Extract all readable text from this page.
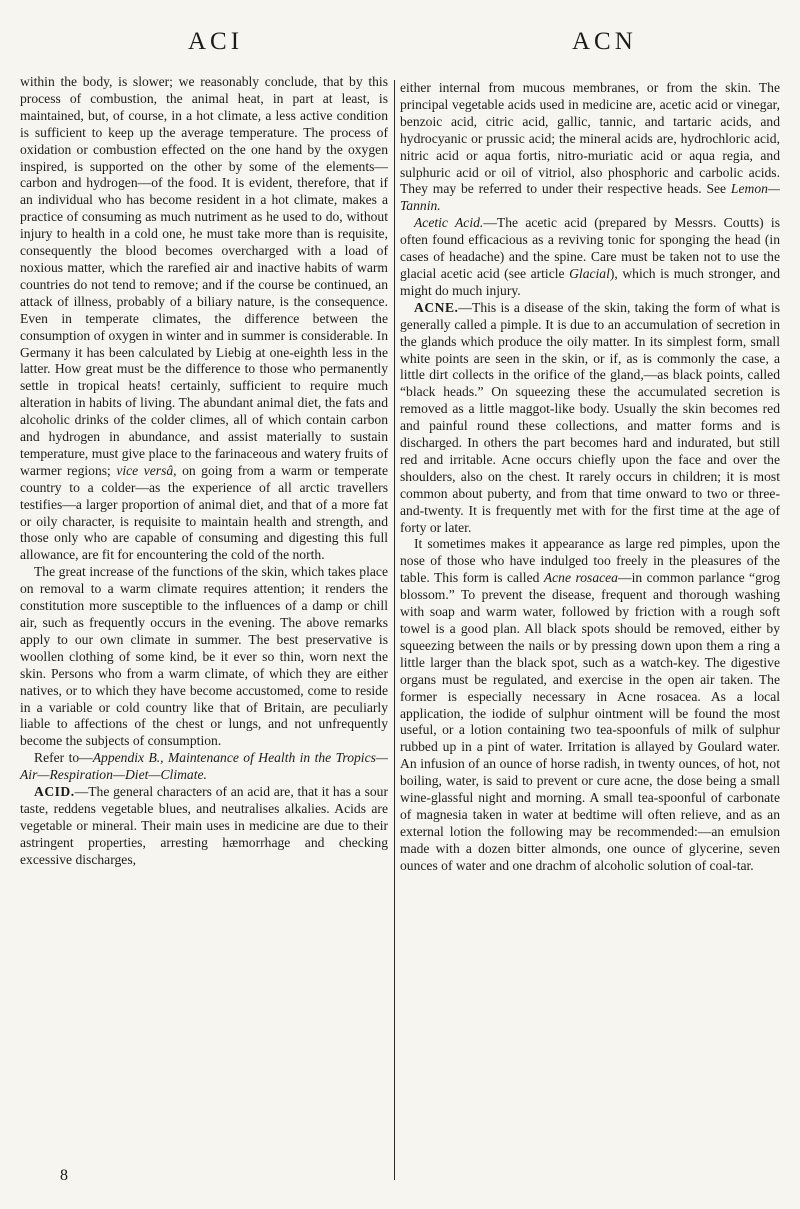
ACI	ACN

within the body, is slower; we reasonably conclude, that by this process of combustion, the animal heat, in part at least, is maintained, but, of course, in a hot climate, a less active condition is sufficient to keep up the average temperature. The process of oxidation or combustion effected on the one hand by the oxygen inspired, is supported on the other by some of the elements—carbon and hydrogen—of the food. It is evident, therefore, that if an individual who has become resident in a hot climate, makes a practice of consuming as much nutriment as he used to do, without injury to health in a cold one, he must take more than is requisite, consequently the blood becomes overcharged with a load of noxious matter, which the rarefied air and inactive habits of warm countries do not tend to remove; and if the course be continued, an attack of illness, probably of a biliary nature, is the consequence. Even in temperate climates, the difference between the consumption of oxygen in winter and in summer is considerable. In Germany it has been calculated by Liebig at one-eighth less in the latter. How great must be the difference to those who permanently settle in tropical heats! certainly, sufficient to require much alteration in habits of living. The abundant animal diet, the fats and alcoholic drinks of the colder climes, all of which contain carbon and hydrogen in abundance, and assist materially to sustain temperature, must give place to the farinaceous and watery fruits of warmer regions; vice versâ, on going from a warm or temperate country to a colder—as the experience of all arctic travellers testifies—a larger proportion of animal diet, and that of a more fat or oily character, is requisite to maintain health and strength, and those only who are capable of consuming and digesting this full allowance, are fit for encountering the cold of the north.

The great increase of the functions of the skin, which takes place on removal to a warm climate requires attention; it renders the constitution more susceptible to the influences of a damp or chill air, such as frequently occurs in the evening. The above remarks apply to our own climate in summer. The best preservative is woollen clothing of some kind, be it ever so thin, worn next the skin. Persons who from a warm climate, of which they are either natives, or to which they have become accustomed, come to reside in a variable or cold country like that of Britain, are peculiarly liable to affections of the chest or lungs, and not unfrequently become the subjects of consumption.

Refer to—Appendix B., Maintenance of Health in the Tropics—Air—Respiration—Diet—Climate.

ACID.—The general characters of an acid are, that it has a sour taste, reddens vegetable blues, and neutralises alkalies. Acids are vegetable or mineral. Their main uses in medicine are due to their astringent properties, arresting hæmorrhage and checking excessive discharges,

either internal from mucous membranes, or from the skin. The principal vegetable acids used in medicine are, acetic acid or vinegar, benzoic acid, citric acid, gallic, tannic, and tartaric acids, and hydrocyanic or prussic acid; the mineral acids are, hydrochloric acid, nitric acid or aqua fortis, nitro-muriatic acid or aqua regia, and sulphuric acid or oil of vitriol, also phosphoric and carbolic acids. They may be referred to under their respective heads. See Lemon—Tannin.

Acetic Acid.—The acetic acid (prepared by Messrs. Coutts) is often found efficacious as a reviving tonic for sponging the head (in cases of headache) and the spine. Care must be taken not to use the glacial acetic acid (see article Glacial), which is much stronger, and might do much injury.

ACNE.—This is a disease of the skin, taking the form of what is generally called a pimple. It is due to an accumulation of secretion in the glands which produce the oily matter. In its simplest form, small white points are seen in the skin, or if, as is commonly the case, a little dirt collects in the orifice of the gland,—as black points, called “black heads.” On squeezing these the accumulated secretion is removed as a little maggot-like body. Usually the skin becomes red and painful round these collections, and matter forms and is discharged. In others the part becomes hard and indurated, but still red and irritable. Acne occurs chiefly upon the face and over the shoulders, also on the chest. It rarely occurs in children; it is most common about puberty, and from that time onward to two or three-and-twenty. It is frequently met with for the first time at the age of forty or later.

It sometimes makes it appearance as large red pimples, upon the nose of those who have indulged too freely in the pleasures of the table. This form is called Acne rosacea—in common parlance “grog blossom.” To prevent the disease, frequent and thorough washing with soap and warm water, followed by friction with a rough soft towel is a good plan. All black spots should be removed, either by squeezing between the nails or by pressing down upon them a ring a little larger than the black spot, such as a watch-key. The digestive organs must be regulated, and exercise in the open air taken. The former is especially necessary in Acne rosacea. As a local application, the iodide of sulphur ointment will be found the most useful, or a lotion containing two tea-spoonfuls of milk of sulphur rubbed up in a pint of water. Irritation is allayed by Goulard water. An infusion of an ounce of horse radish, in twenty ounces, of hot, not boiling, water, is said to prevent or cure acne, the dose being a small wine-glassful night and morning. A small tea-spoonful of carbonate of magnesia taken in water at bedtime will often relieve, and as an external lotion the following may be recommended:—an emulsion made with a dozen bitter almonds, one ounce of glycerine, seven ounces of water and one drachm of alcoholic solution of coal-tar.

8
